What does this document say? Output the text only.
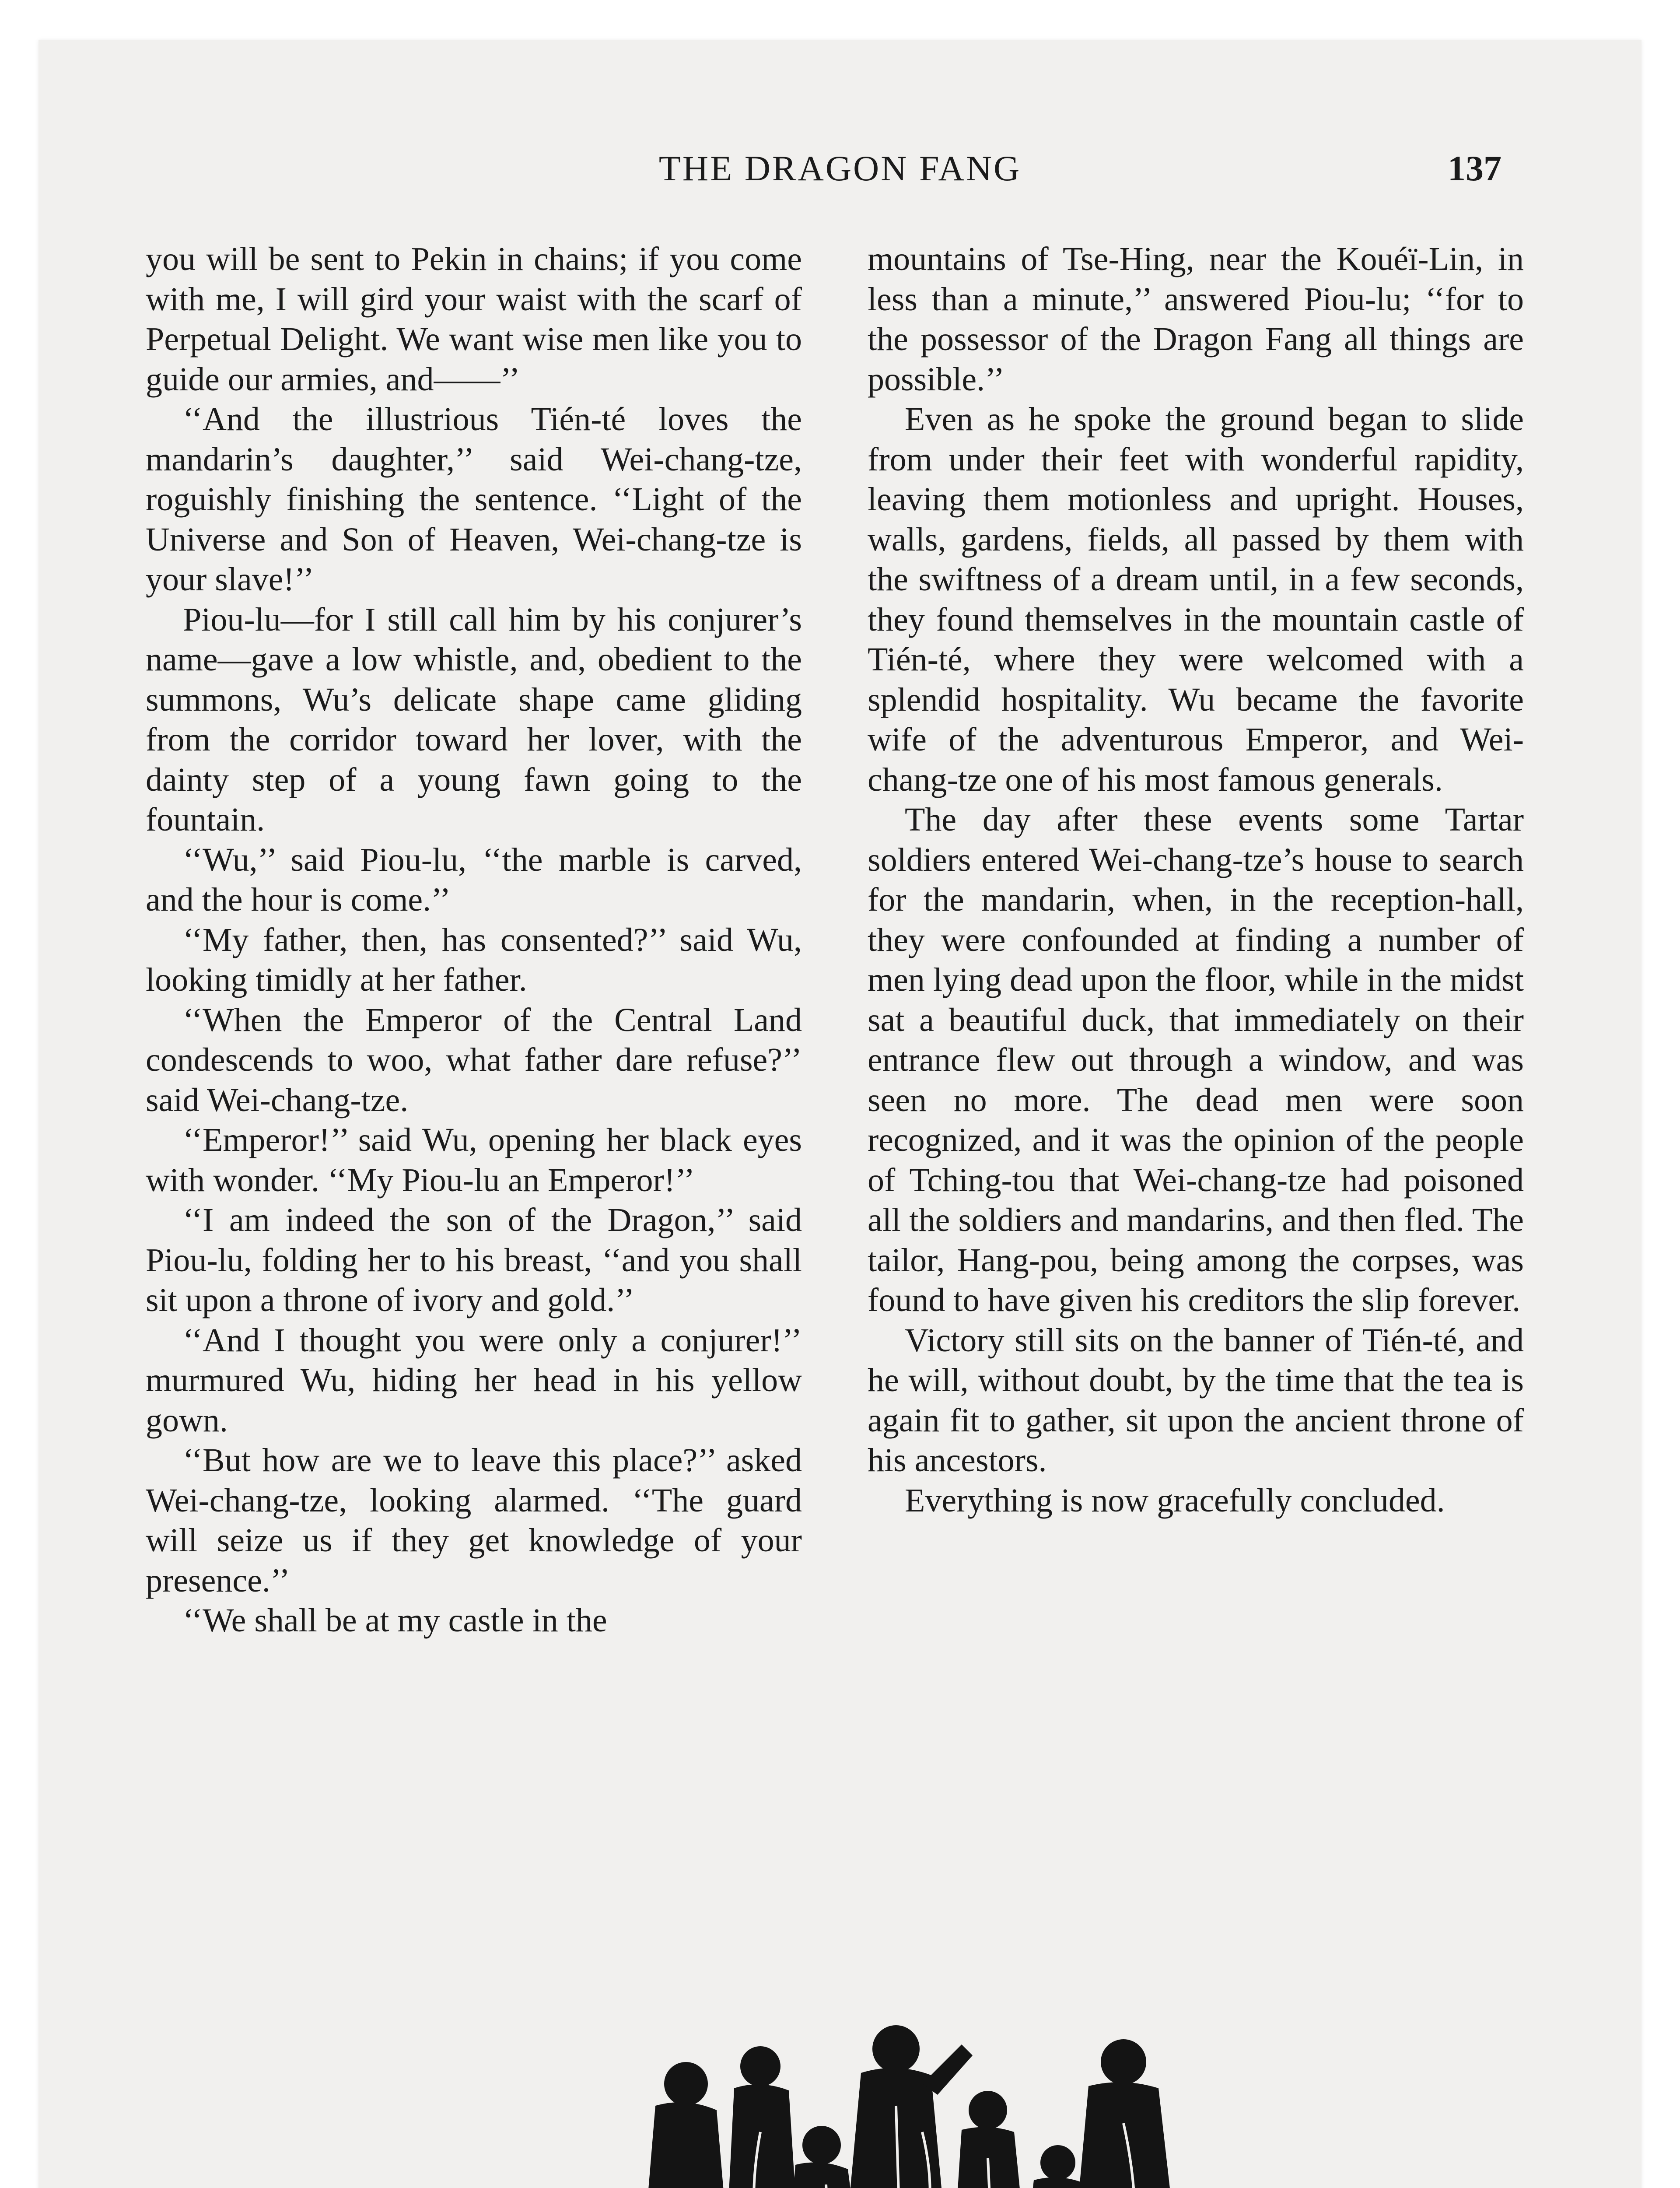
THE DRAGON FANG	137

you will be sent to Pekin in chains; if you come with me, I will gird your waist with the scarf of Perpetual Delight. We want wise men like you to guide our armies, and——’’

‘‘And the illustrious Tién-té loves the mandarin’s daughter,’’ said Wei-chang-tze, roguishly finishing the sentence. ‘‘Light of the Universe and Son of Heaven, Wei-chang-tze is your slave!’’

Piou-lu—for I still call him by his conjurer’s name—gave a low whistle, and, obedient to the summons, Wu’s delicate shape came gliding from the corridor toward her lover, with the dainty step of a young fawn going to the fountain.

‘‘Wu,’’ said Piou-lu, ‘‘the marble is carved, and the hour is come.’’

‘‘My father, then, has consented?’’ said Wu, looking timidly at her father.

‘‘When the Emperor of the Central Land condescends to woo, what father dare refuse?’’ said Wei-chang-tze.

‘‘Emperor!’’ said Wu, opening her black eyes with wonder. ‘‘My Piou-lu an Emperor!’’

‘‘I am indeed the son of the Dragon,’’ said Piou-lu, folding her to his breast, ‘‘and you shall sit upon a throne of ivory and gold.’’

‘‘And I thought you were only a conjurer!’’ murmured Wu, hiding her head in his yellow gown.

‘‘But how are we to leave this place?’’ asked Wei-chang-tze, looking alarmed. ‘‘The guard will seize us if they get knowledge of your presence.’’

‘‘We shall be at my castle in the

mountains of Tse-Hing, near the Kouéï-Lin, in less than a minute,’’ answered Piou-lu; ‘‘for to the possessor of the Dragon Fang all things are possible.’’

Even as he spoke the ground began to slide from under their feet with wonderful rapidity, leaving them motionless and upright. Houses, walls, gardens, fields, all passed by them with the swiftness of a dream until, in a few seconds, they found themselves in the mountain castle of Tién-té, where they were welcomed with a splendid hospitality. Wu became the favorite wife of the adventurous Emperor, and Wei-chang-tze one of his most famous generals.

The day after these events some Tartar soldiers entered Wei-chang-tze’s house to search for the mandarin, when, in the reception-hall, they were confounded at finding a number of men lying dead upon the floor, while in the midst sat a beautiful duck, that immediately on their entrance flew out through a window, and was seen no more. The dead men were soon recognized, and it was the opinion of the people of Tching-tou that Wei-chang-tze had poisoned all the soldiers and mandarins, and then fled. The tailor, Hang-pou, being among the corpses, was found to have given his creditors the slip forever.

Victory still sits on the banner of Tién-té, and he will, without doubt, by the time that the tea is again fit to gather, sit upon the ancient throne of his ancestors.

Everything is now gracefully concluded.
